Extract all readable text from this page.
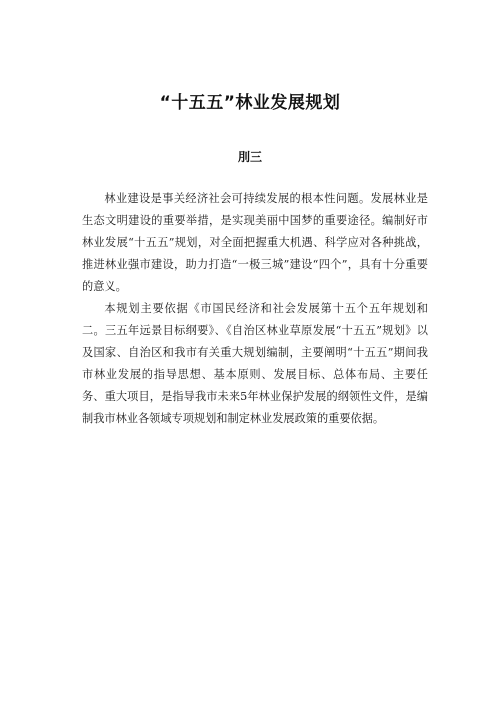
“十五五”林业发展规划
刖三

林业建设是事关经济社会可持续发展的根本性问题。发展林业是生态文明建设的重要举措，是实现美丽中国梦的重要途径。编制好市林业发展“十五五”规划，对全面把握重大机遇、科学应对各种挑战，推进林业强市建设，助力打造“一极三城”建设“四个”，具有十分重要的意义。

本规划主要依据《市国民经济和社会发展第十五个五年规划和二。三五年远景目标纲要》、《自治区林业草原发展“十五五”规划》以及国家、自治区和我市有关重大规划编制，主要阐明“十五五”期间我市林业发展的指导思想、基本原则、发展目标、总体布局、主要任务、重大项目，是指导我市未来5年林业保护发展的纲领性文件，是编制我市林业各领域专项规划和制定林业发展政策的重要依据。
